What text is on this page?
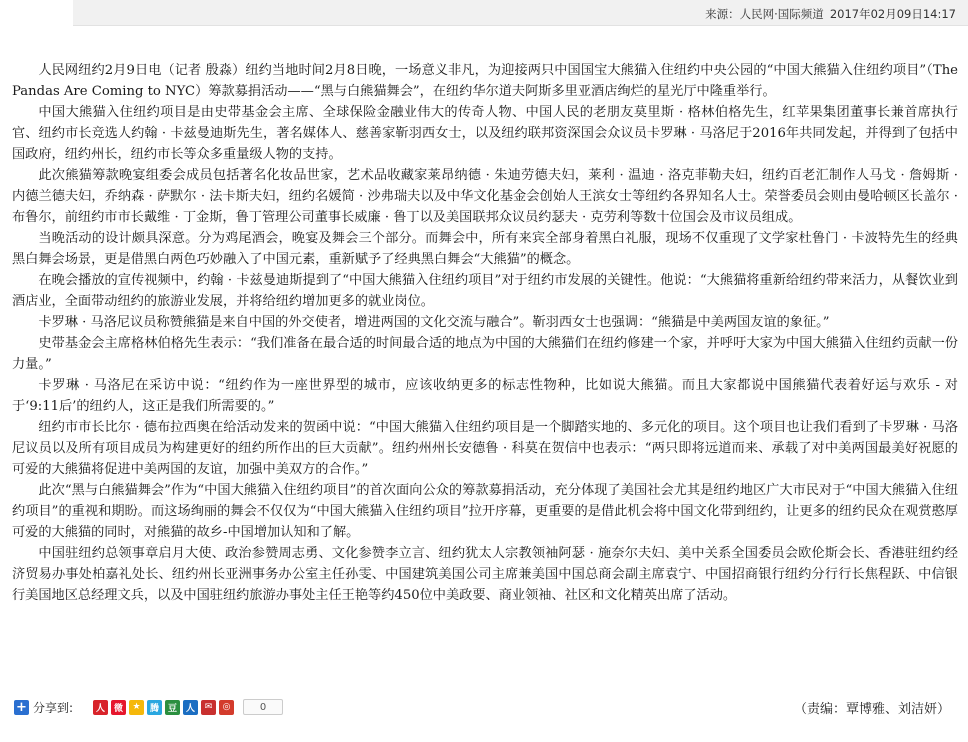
来源：人民网·国际频道 2017年02月09日14:17

人民网纽约2月9日电（记者 殷淼）纽约当地时间2月8日晚，一场意义非凡，为迎接两只中国国宝大熊猫入住纽约中央公园的“中国大熊猫入住纽约项目”（The Pandas Are Coming to NYC）筹款募捐活动——“黑与白熊猫舞会”，在纽约华尔道夫阿斯多里亚酒店绚烂的星光厅中隆重举行。

中国大熊猫入住纽约项目是由史带基金会主席、全球保险金融业伟大的传奇人物、中国人民的老朋友莫里斯 · 格林伯格先生，红苹果集团董事长兼首席执行官、纽约市长竞选人约翰 · 卡兹曼迪斯先生，著名媒体人、慈善家靳羽西女士，以及纽约联邦资深国会众议员卡罗琳 · 马洛尼于2016年共同发起，并得到了包括中国政府，纽约州长，纽约市长等众多重量级人物的支持。

此次熊猫筹款晚宴组委会成员包括著名化妆品世家，艺术品收藏家莱昂纳德 · 朱迪劳德夫妇，莱利 · 温迪 · 洛克菲勒夫妇，纽约百老汇制作人马戈 · 詹姆斯 · 内德兰德夫妇，乔纳森 · 萨默尔 · 法卡斯夫妇，纽约名媛简 · 沙弗瑞夫以及中华文化基金会创始人王滨女士等纽约各界知名人士。荣誉委员会则由曼哈顿区长盖尔 · 布鲁尔，前纽约市市长戴维 · 丁金斯，鲁丁管理公司董事长威廉 · 鲁丁以及美国联邦众议员约瑟夫 · 克劳利等数十位国会及市议员组成。

当晚活动的设计颇具深意。分为鸡尾酒会，晚宴及舞会三个部分。而舞会中，所有来宾全部身着黑白礼服，现场不仅重现了文学家杜鲁门 · 卡波特先生的经典黑白舞会场景，更是借黑白两色巧妙融入了中国元素，重新赋予了经典黑白舞会“大熊猫”的概念。

在晚会播放的宣传视频中，约翰 · 卡兹曼迪斯提到了“中国大熊猫入住纽约项目”对于纽约市发展的关键性。他说：“大熊猫将重新给纽约带来活力，从餐饮业到酒店业，全面带动纽约的旅游业发展，并将给纽约增加更多的就业岗位。

卡罗琳 · 马洛尼议员称赞熊猫是来自中国的外交使者，增进两国的文化交流与融合”。靳羽西女士也强调：“熊猫是中美两国友谊的象征。”

史带基金会主席格林伯格先生表示：“我们准备在最合适的时间最合适的地点为中国的大熊猫们在纽约修建一个家，并呼吁大家为中国大熊猫入住纽约贡献一份力量。”

卡罗琳 · 马洛尼在采访中说：“纽约作为一座世界型的城市，应该收纳更多的标志性物种，比如说大熊猫。而且大家都说中国熊猫代表着好运与欢乐 - 对于‘9:11后’的纽约人，这正是我们所需要的。”

纽约市市长比尔 · 德布拉西奥在给活动发来的贺函中说：“中国大熊猫入住纽约项目是一个脚踏实地的、多元化的项目。这个项目也让我们看到了卡罗琳 · 马洛尼议员以及所有项目成员为构建更好的纽约所作出的巨大贡献”。纽约州州长安德鲁 · 科莫在贺信中也表示：“两只即将远道而来、承载了对中美两国最美好祝愿的可爱的大熊猫将促进中美两国的友谊，加强中美双方的合作。”

此次“黑与白熊猫舞会”作为“中国大熊猫入住纽约项目”的首次面向公众的筹款募捐活动，充分体现了美国社会尤其是纽约地区广大市民对于“中国大熊猫入住纽约项目”的重视和期盼。而这场绚丽的舞会不仅仅为“中国大熊猫入住纽约项目”拉开序幕，更重要的是借此机会将中国文化带到纽约，让更多的纽约民众在观赏憨厚可爱的大熊猫的同时，对熊猫的故乡-中国增加认知和了解。

中国驻纽约总领事章启月大使、政治参赞周志勇、文化参赞李立言、纽约犹太人宗教领袖阿瑟 · 施奈尔夫妇、美中关系全国委员会欧伦斯会长、香港驻纽约经济贸易办事处柏嘉礼处长、纽约州长亚洲事务办公室主任孙雯、中国建筑美国公司主席兼美国中国总商会副主席袁宁、中国招商银行纽约分行行长焦程跃、中信银行美国地区总经理文兵，以及中国驻纽约旅游办事处主任王艳等约450位中美政要、商业领袖、社区和文化精英出席了活动。

+ 分享到:	人 微	★	腾 豆 人	✉	◎	0	（责编：覃博雅、刘洁妍）
